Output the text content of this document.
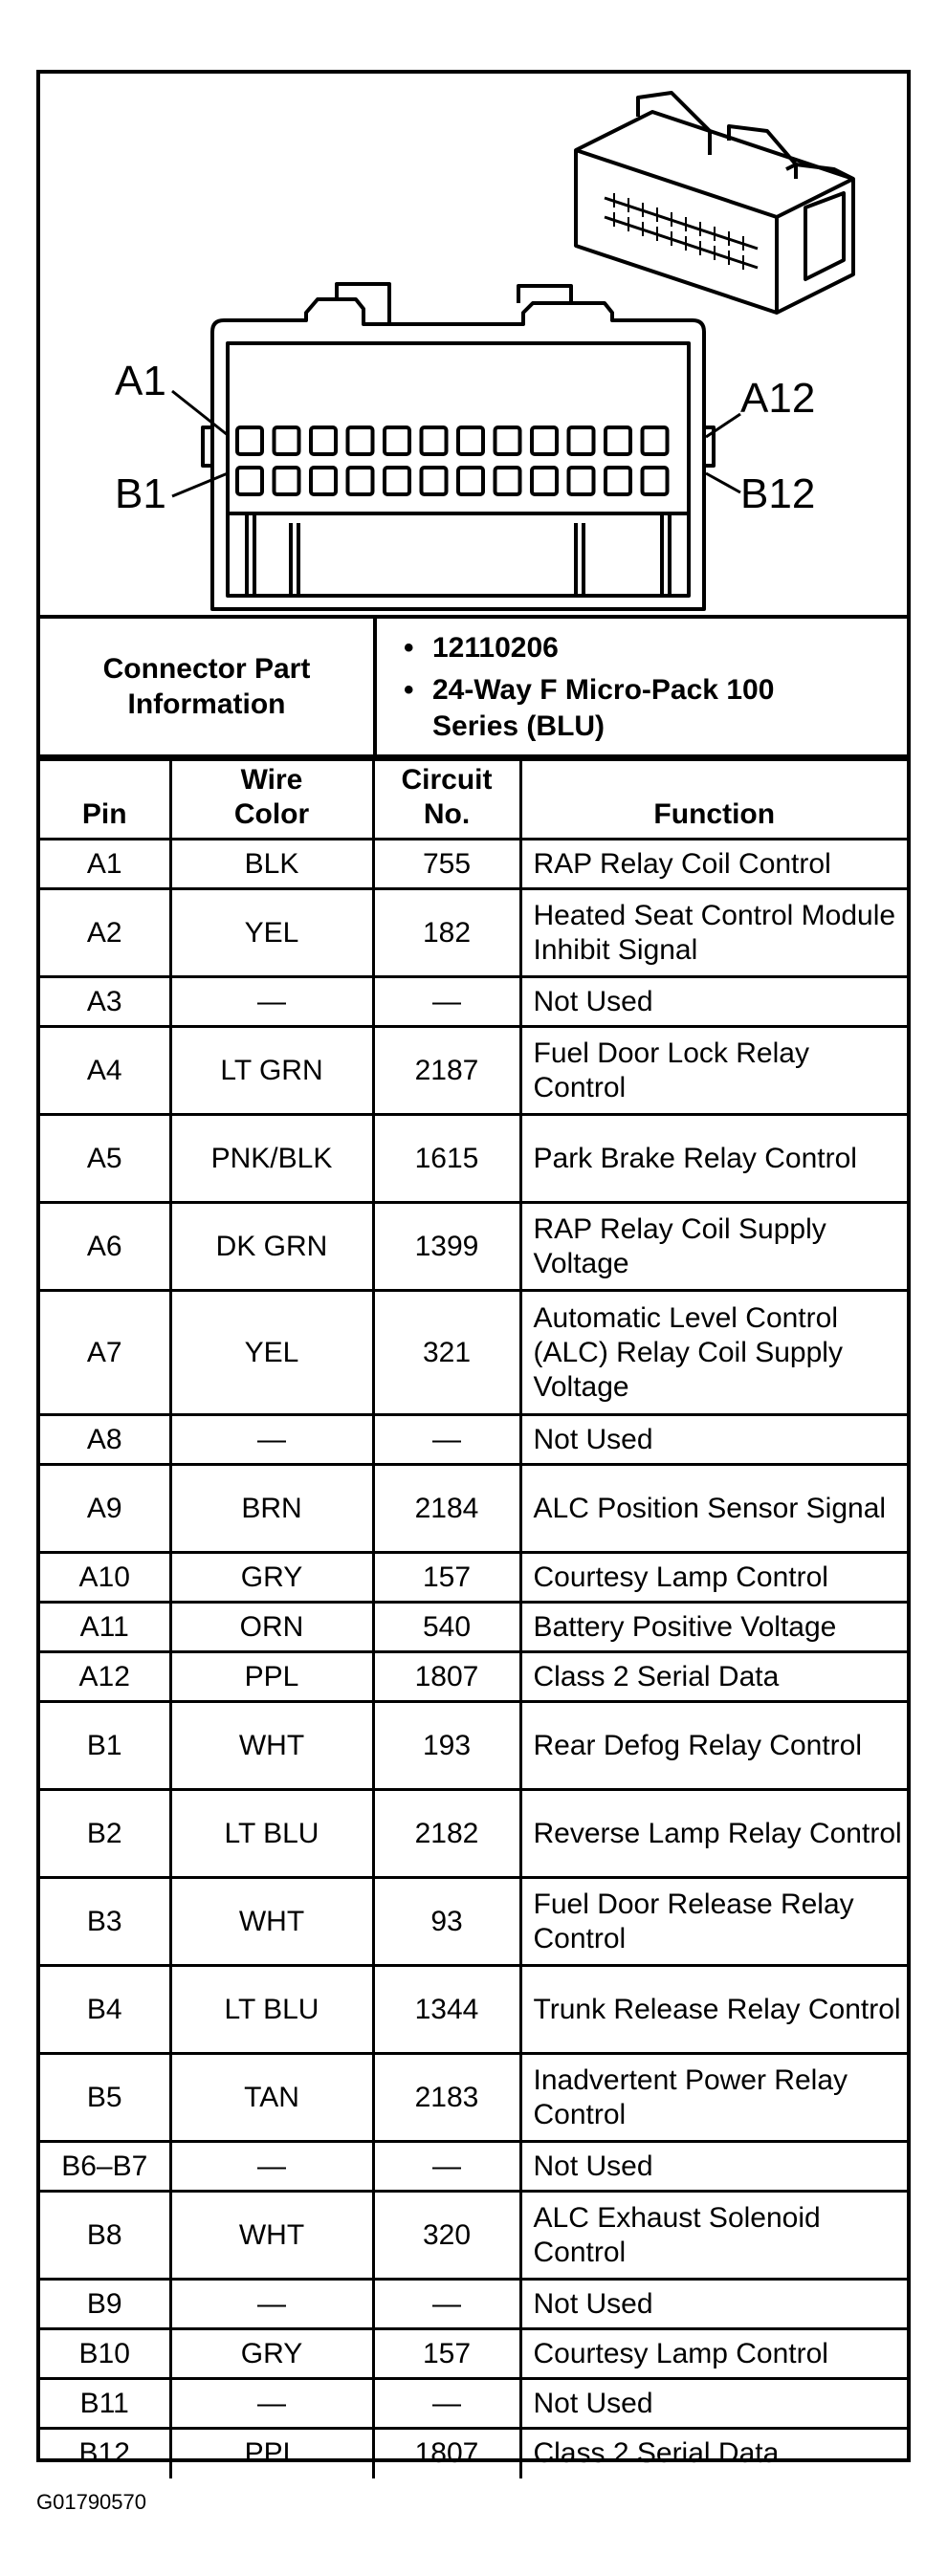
A1	A12
B1	B12
Connector Part Information
• 12110206
• 24-Way F Micro-Pack 100 Series (BLU)
Pin	Wire Color	Circuit No.	Function
A1	BLK	755	RAP Relay Coil Control
A2	YEL	182	Heated Seat Control Module Inhibit Signal
A3	—	—	Not Used
A4	LT GRN	2187	Fuel Door Lock Relay Control
A5	PNK/BLK	1615	Park Brake Relay Control
A6	DK GRN	1399	RAP Relay Coil Supply Voltage
A7	YEL	321	Automatic Level Control (ALC) Relay Coil Supply Voltage
A8	—	—	Not Used
A9	BRN	2184	ALC Position Sensor Signal
A10	GRY	157	Courtesy Lamp Control
A11	ORN	540	Battery Positive Voltage
A12	PPL	1807	Class 2 Serial Data
B1	WHT	193	Rear Defog Relay Control
B2	LT BLU	2182	Reverse Lamp Relay Control
B3	WHT	93	Fuel Door Release Relay Control
B4	LT BLU	1344	Trunk Release Relay Control
B5	TAN	2183	Inadvertent Power Relay Control
B6–B7	—	—	Not Used
B8	WHT	320	ALC Exhaust Solenoid Control
B9	—	—	Not Used
B10	GRY	157	Courtesy Lamp Control
B11	—	—	Not Used
B12	PPL	1807	Class 2 Serial Data
G01790570
